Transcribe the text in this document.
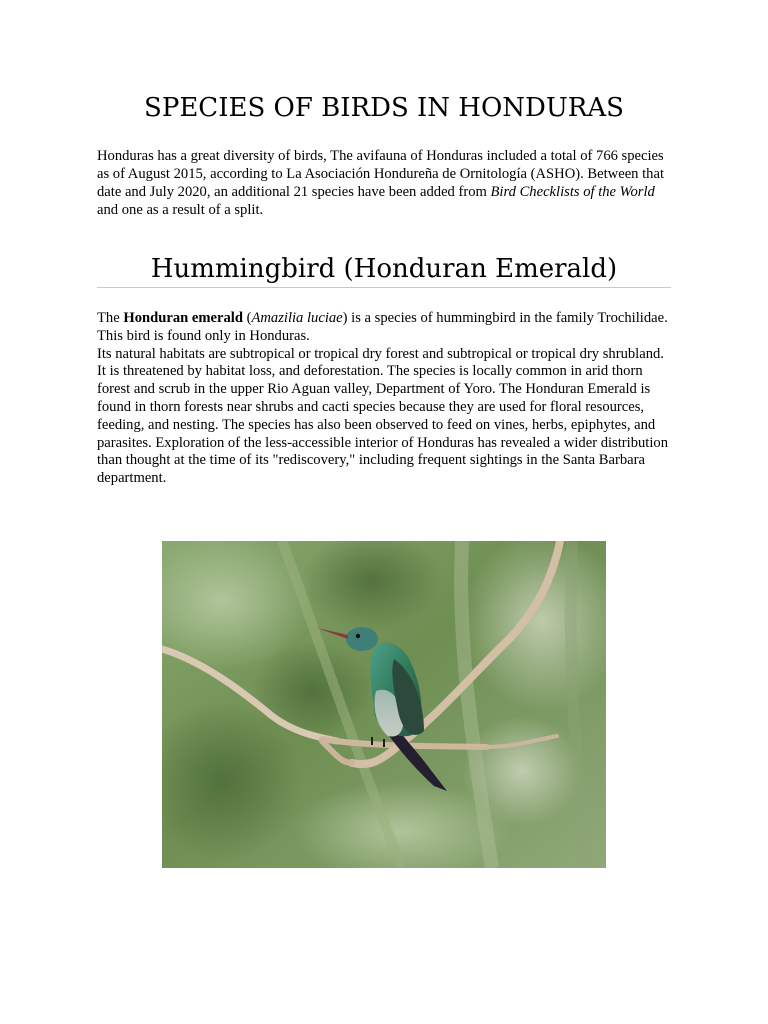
SPECIES OF BIRDS IN HONDURAS

Honduras has a great diversity of birds, The avifauna of Honduras included a total of 766 species as of August 2015, according to La Asociación Hondureña de Ornitología (ASHO). Between that date and July 2020, an additional 21 species have been added from Bird Checklists of the World and one as a result of a split.

Hummingbird (Honduran Emerald)

The Honduran emerald (Amazilia luciae) is a species of hummingbird in the family Trochilidae.

This bird is found only in Honduras.

Its natural habitats are subtropical or tropical dry forest and subtropical or tropical dry shrubland.

It is threatened by habitat loss, and deforestation. The species is locally common in arid thorn forest and scrub in the upper Rio Aguan valley, Department of Yoro. The Honduran Emerald is found in thorn forests near shrubs and cacti species because they are used for floral resources, feeding, and nesting. The species has also been observed to feed on vines, herbs, epiphytes, and parasites. Exploration of the less-accessible interior of Honduras has revealed a wider distribution than thought at the time of its "rediscovery," including frequent sightings in the Santa Barbara department.
